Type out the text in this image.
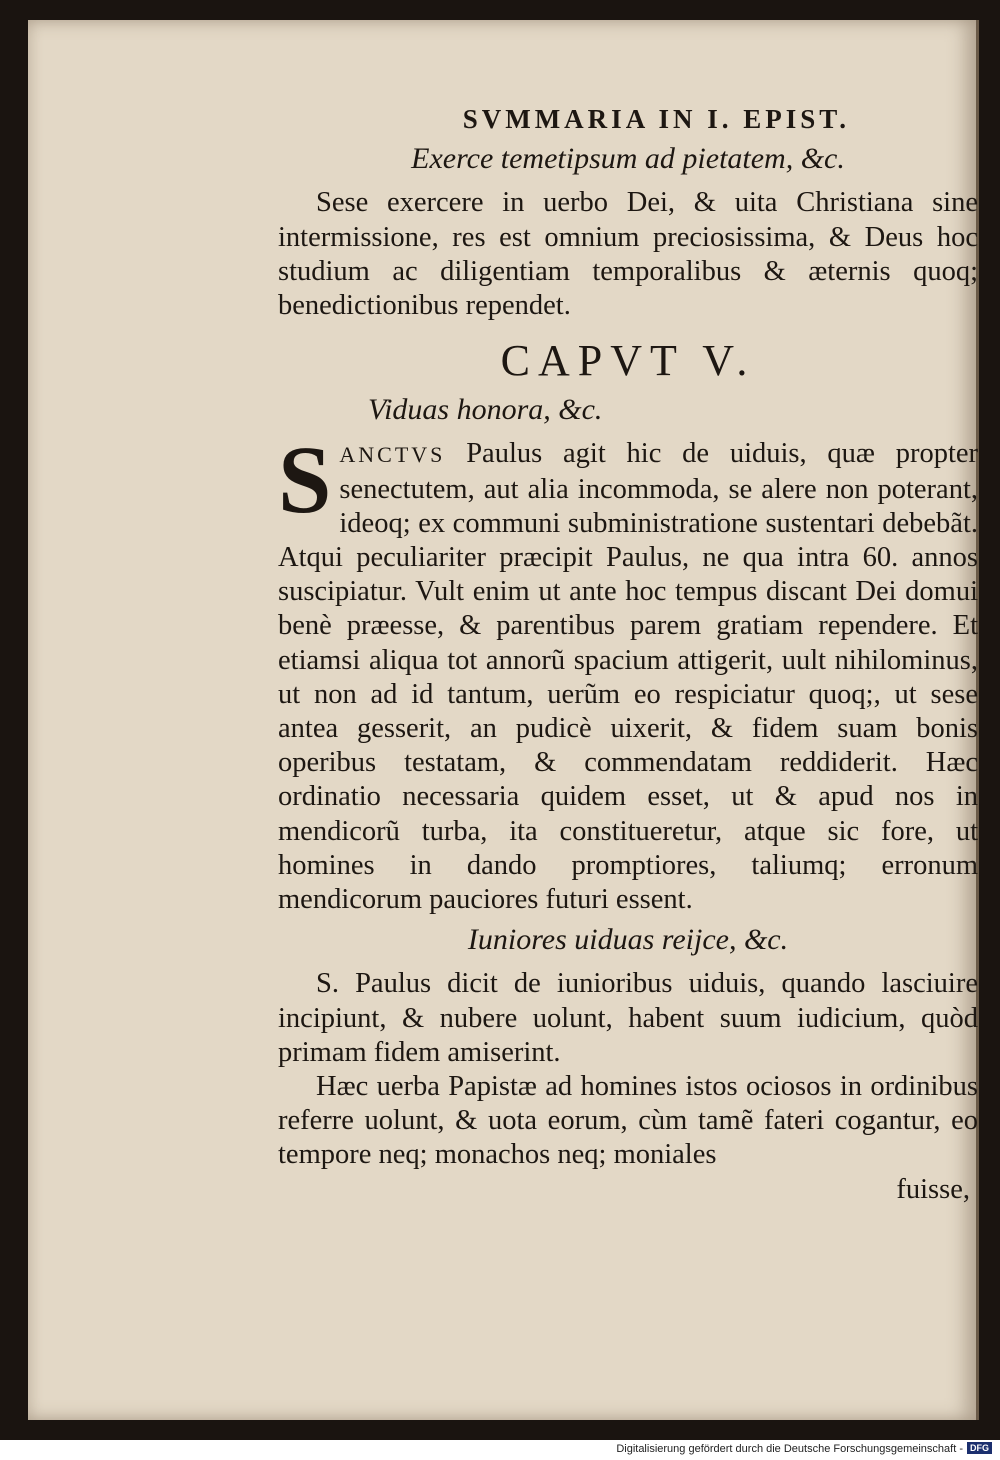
SVMMARIA IN I. EPIST.
Exerce temetipsum ad pietatem, &c.

Sese exercere in uerbo Dei, & uita Christiana sine intermissione, res est omnium preciosissima, & Deus hoc studium ac diligentiam temporalibus & æternis quoq; benedictionibus rependet.

CAPVT V.
Viduas honora, &c.

SANCTVS Paulus agit hic de uiduis, quæ propter senectutem, aut alia incommoda, se alere non poterant, ideoq; ex communi subministratione sustentari debebãt. Atqui peculiariter præcipit Paulus, ne qua intra 60. annos suscipiatur. Vult enim ut ante hoc tempus discant Dei domui benè præesse, & parentibus parem gratiam rependere. Et etiamsi aliqua tot annorũ spacium attigerit, uult nihilominus, ut non ad id tantum, uerũm eo respiciatur quoq;, ut sese antea gesserit, an pudicè uixerit, & fidem suam bonis operibus testatam, & commendatam reddiderit. Hæc ordinatio necessaria quidem esset, ut & apud nos in mendicorũ turba, ita constitueretur, atque sic fore, ut homines in dando promptiores, taliumq; erronum mendicorum pauciores futuri essent.

Iuniores uiduas reijce, &c.

S. Paulus dicit de iunioribus uiduis, quando lasciuire incipiunt, & nubere uolunt, habent suum iudicium, quòd primam fidem amiserint.

Hæc uerba Papistæ ad homines istos ociosos in ordinibus referre uolunt, & uota eorum, cùm tamẽ fateri cogantur, eo tempore neq; monachos neq; moniales

fuisse,
Digitalisierung gefördert durch die Deutsche Forschungsgemeinschaft - DFG
